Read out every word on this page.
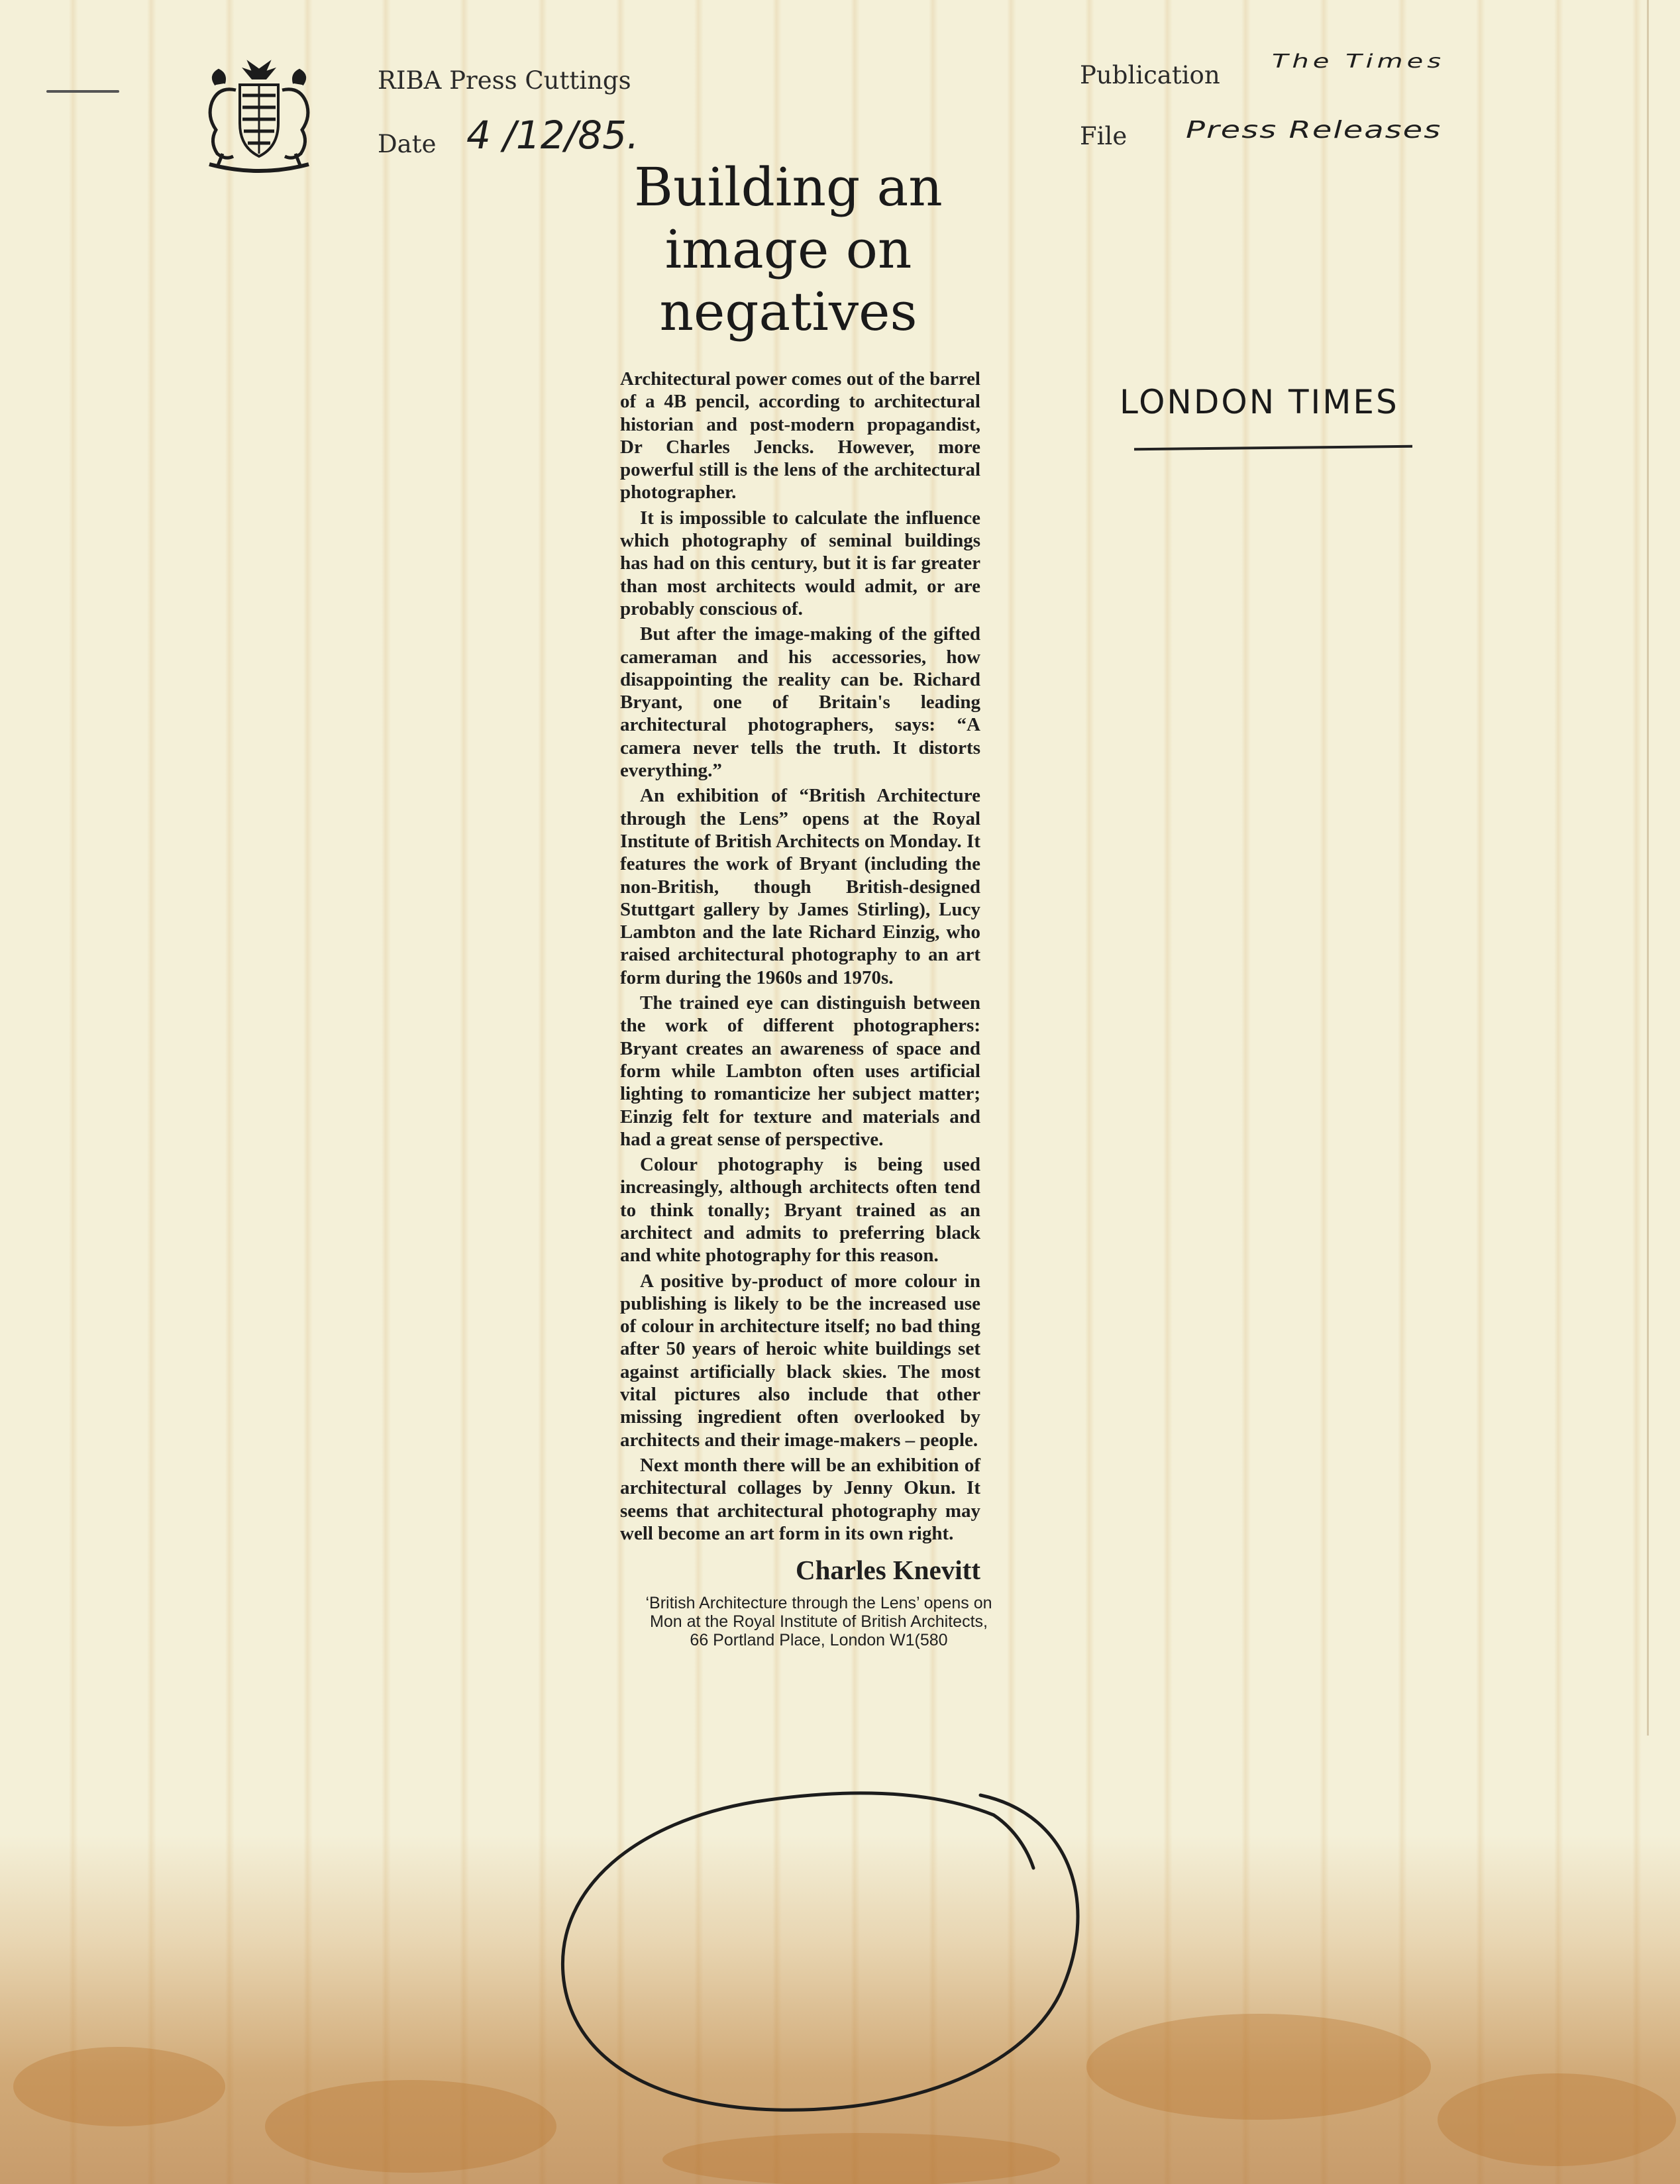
RIBA Press Cuttings
Date 4 /12/85.
Publication The Times
File Press Releases
Building an
image on
negatives

Architectural power comes out of the barrel of a 4B pencil, according to architectural historian and post-modern propagandist, Dr Charles Jencks. However, more powerful still is the lens of the architectural photographer.

It is impossible to calculate the influence which photography of seminal buildings has had on this century, but it is far greater than most architects would admit, or are probably conscious of.

But after the image-making of the gifted cameraman and his accessories, how disappointing the reality can be. Richard Bryant, one of Britain's leading architectural photographers, says: “A camera never tells the truth. It distorts everything.”

An exhibition of “British Architecture through the Lens” opens at the Royal Institute of British Architects on Monday. It features the work of Bryant (including the non-British, though British-designed Stuttgart gallery by James Stirling), Lucy Lambton and the late Richard Einzig, who raised architectural photography to an art form during the 1960s and 1970s.

The trained eye can distinguish between the work of different photographers: Bryant creates an awareness of space and form while Lambton often uses artificial lighting to romanticize her subject matter; Einzig felt for texture and materials and had a great sense of perspective.

Colour photography is being used increasingly, although architects often tend to think tonally; Bryant trained as an architect and admits to preferring black and white photography for this reason.

A positive by-product of more colour in publishing is likely to be the increased use of colour in architecture itself; no bad thing after 50 years of heroic white buildings set against artificially black skies. The most vital pictures also include that other missing ingredient often overlooked by architects and their image-makers – people.

Next month there will be an exhibition of architectural collages by Jenny Okun. It seems that architectural photography may well become an art form in its own right.

Charles Knevitt
‘British Architecture through the Lens’ opens on Mon at the Royal Institute of British Architects, 66 Portland Place, London W1(580
LONDON TIMES
